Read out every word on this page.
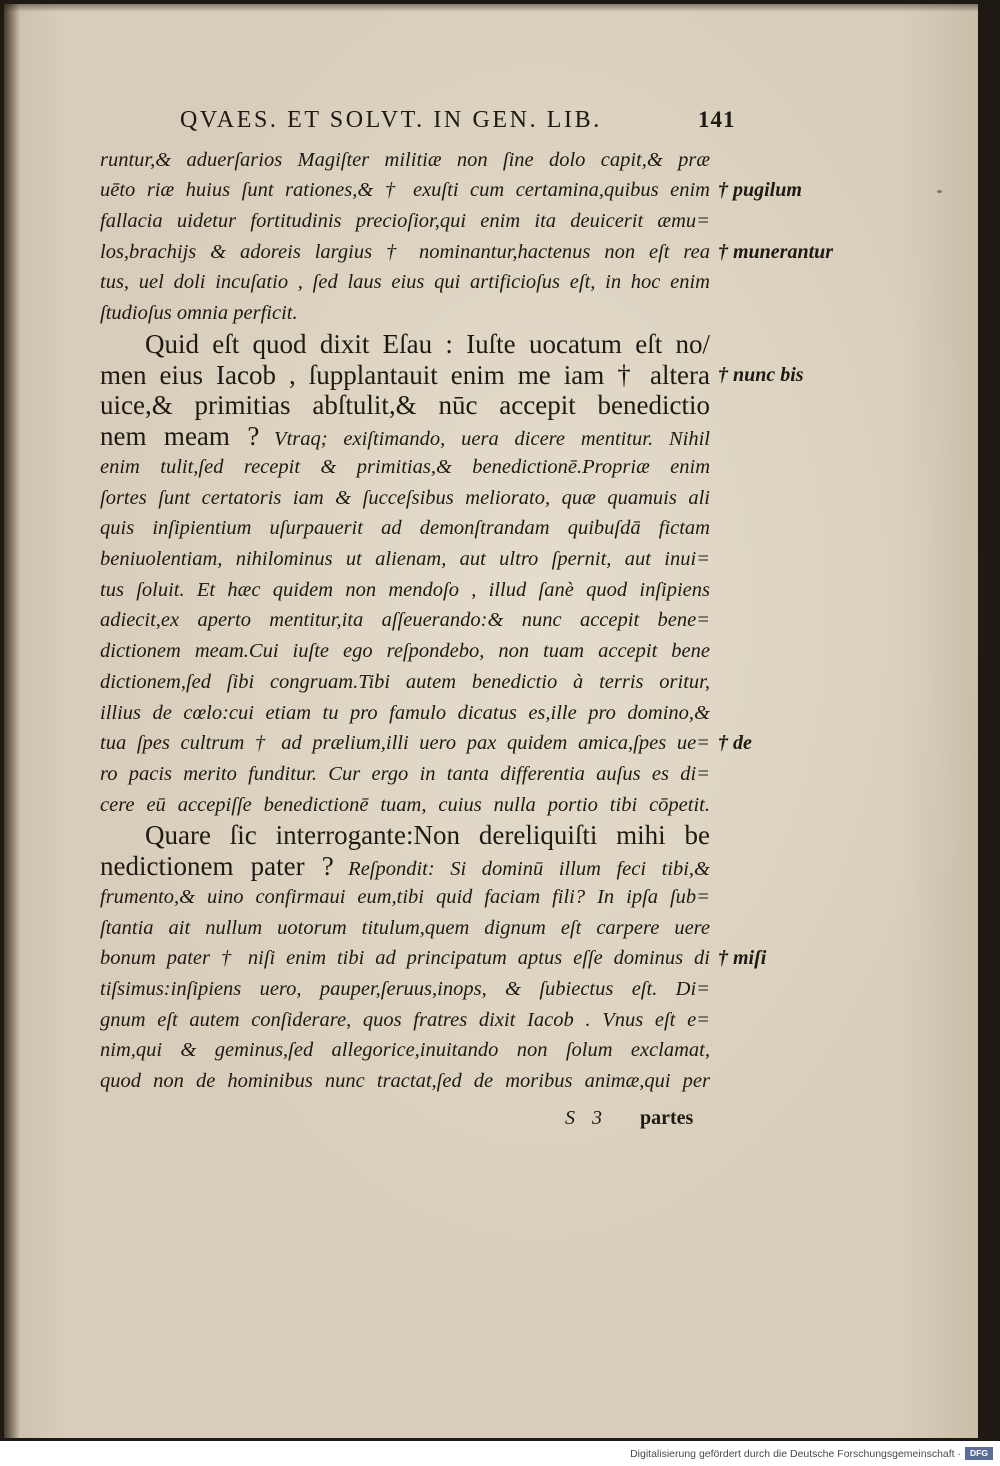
QVAES. ET SOLVT. IN GEN. LIB.	141
runtur,& aduerſarios Magiſter militiæ non ſine dolo capit,& præ
uēto riæ huius ſunt rationes,& † exuſti cum certamina,quibus enim † pugilum
fallacia uidetur fortitudinis precioſior,qui enim ita deuicerit æmu=
los,brachijs & adoreis largius † nominantur,hactenus non eſt rea † munerantur
tus, uel doli incuſatio , ſed laus eius qui artificioſus eſt, in hoc enim
ſtudioſus omnia perficit.
Quid eſt quod dixit Eſau : Iuſte uocatum eſt no/
men eius Iacob , ſupplantauit enim me iam † altera † nunc bis
uice,& primitias abſtulit,& nūc accepit benedictio
nem meam ? Vtraq; exiſtimando, uera dicere mentitur. Nihil
enim tulit,ſed recepit & primitias,& benedictionē.Propriæ enim
ſortes ſunt certatoris iam & ſucceſsibus meliorato, quæ quamuis ali
quis inſipientium uſurpauerit ad demonſtrandam quibuſdā fictam
beniuolentiam, nihilominus ut alienam, aut ultro ſpernit, aut inui=
tus ſoluit. Et hæc quidem non mendoſo , illud ſanè quod inſipiens
adiecit,ex aperto mentitur,ita aſſeuerando:& nunc accepit bene=
dictionem meam.Cui iuſte ego reſpondebo, non tuam accepit bene
dictionem,ſed ſibi congruam.Tibi autem benedictio à terris oritur,
illius de cœlo:cui etiam tu pro famulo dicatus es,ille pro domino,&
tua ſpes cultrum † ad prælium,illi uero pax quidem amica,ſpes ue= † de
ro pacis merito funditur. Cur ergo in tanta differentia auſus es di=
cere eū accepiſſe benedictionē tuam, cuius nulla portio tibi cōpetit.
Quare ſic interrogante:Non dereliquiſti mihi be
nedictionem pater ? Reſpondit: Si dominū illum feci tibi,&
frumento,& uino confirmaui eum,tibi quid faciam fili? In ipſa ſub=
ſtantia ait nullum uotorum titulum,quem dignum eſt carpere uere
bonum pater † niſi enim tibi ad principatum aptus eſſe dominus di † miſi
tiſsimus:inſipiens uero, pauper,ſeruus,inops, & ſubiectus eſt. Di=
gnum eſt autem conſiderare, quos fratres dixit Iacob . Vnus eſt e=
nim,qui & geminus,ſed allegorice,inuitando non ſolum exclamat,
quod non de hominibus nunc tractat,ſed de moribus animæ,qui per
S 3 partes
Digitalisierung gefördert durch die Deutsche Forschungsgemeinschaft ·	DFG
